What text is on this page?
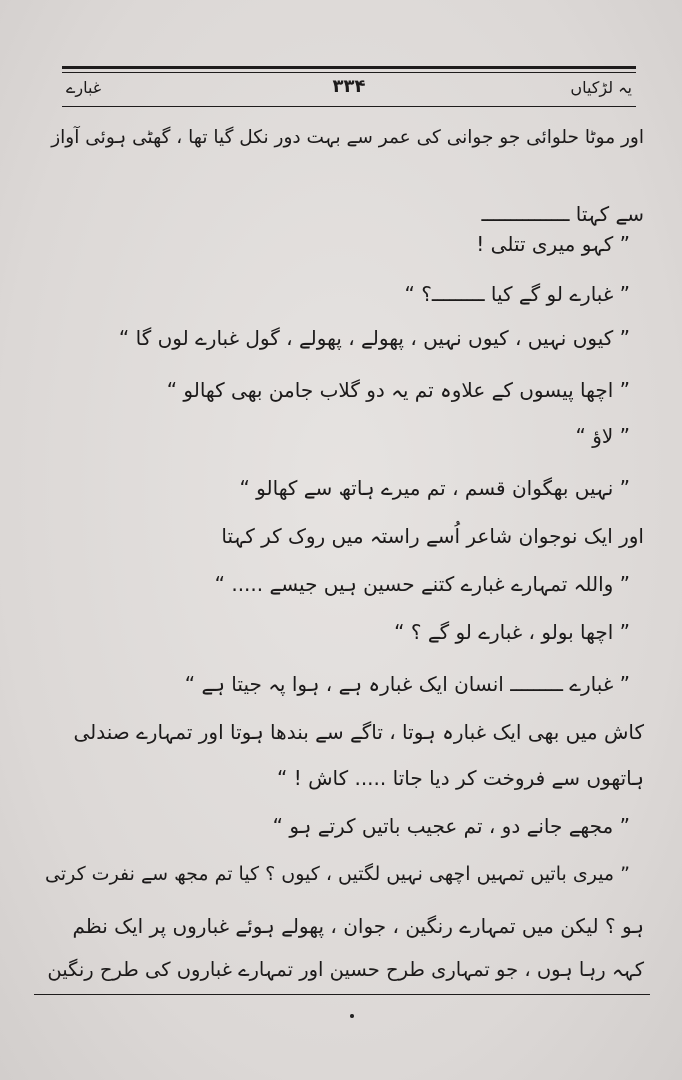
یہ لڑکیاں
۳۳۴
غبارے
اور موٹا حلوائی جو جوانی کی عمر سے بہت دور نکل گیا تھا ، گھٹی ہوئی آواز
سے کہتا ـــــــــــــــ
” کہو میری تتلی !
” غبارے لو گے کیا ـــــــــ؟ “
” کیوں نہیں ، کیوں نہیں ، پھولے ، پھولے ، گول غبارے لوں گا “
” اچھا پیسوں کے علاوہ تم یہ دو گلاب جامن بھی کھالو “
” لاؤ “
” نہیں بھگوان قسم ، تم میرے ہاتھ سے کھالو “
اور ایک نوجوان شاعر اُسے راستہ میں روک کر کہتا
” واللہ تمہارے غبارے کتنے حسین ہیں جیسے ..... “
” اچھا بولو ، غبارے لو گے ؟ “
” غبارے ـــــــــ انسان ایک غبارہ ہے ، ہوا پہ جیتا ہے “
کاش میں بھی ایک غبارہ ہوتا ، تاگے سے بندھا ہوتا اور تمہارے صندلی
ہاتھوں سے فروخت کر دیا جاتا ..... کاش ! “
” مجھے جانے دو ، تم عجیب باتیں کرتے ہو “
” میری باتیں تمہیں اچھی نہیں لگتیں ، کیوں ؟ کیا تم مجھ سے نفرت کرتی
ہو ؟ لیکن میں تمہارے رنگین ، جوان ، پھولے ہوئے غباروں پر ایک نظم
کہہ رہا ہوں ، جو تمہاری طرح حسین اور تمہارے غباروں کی طرح رنگین
